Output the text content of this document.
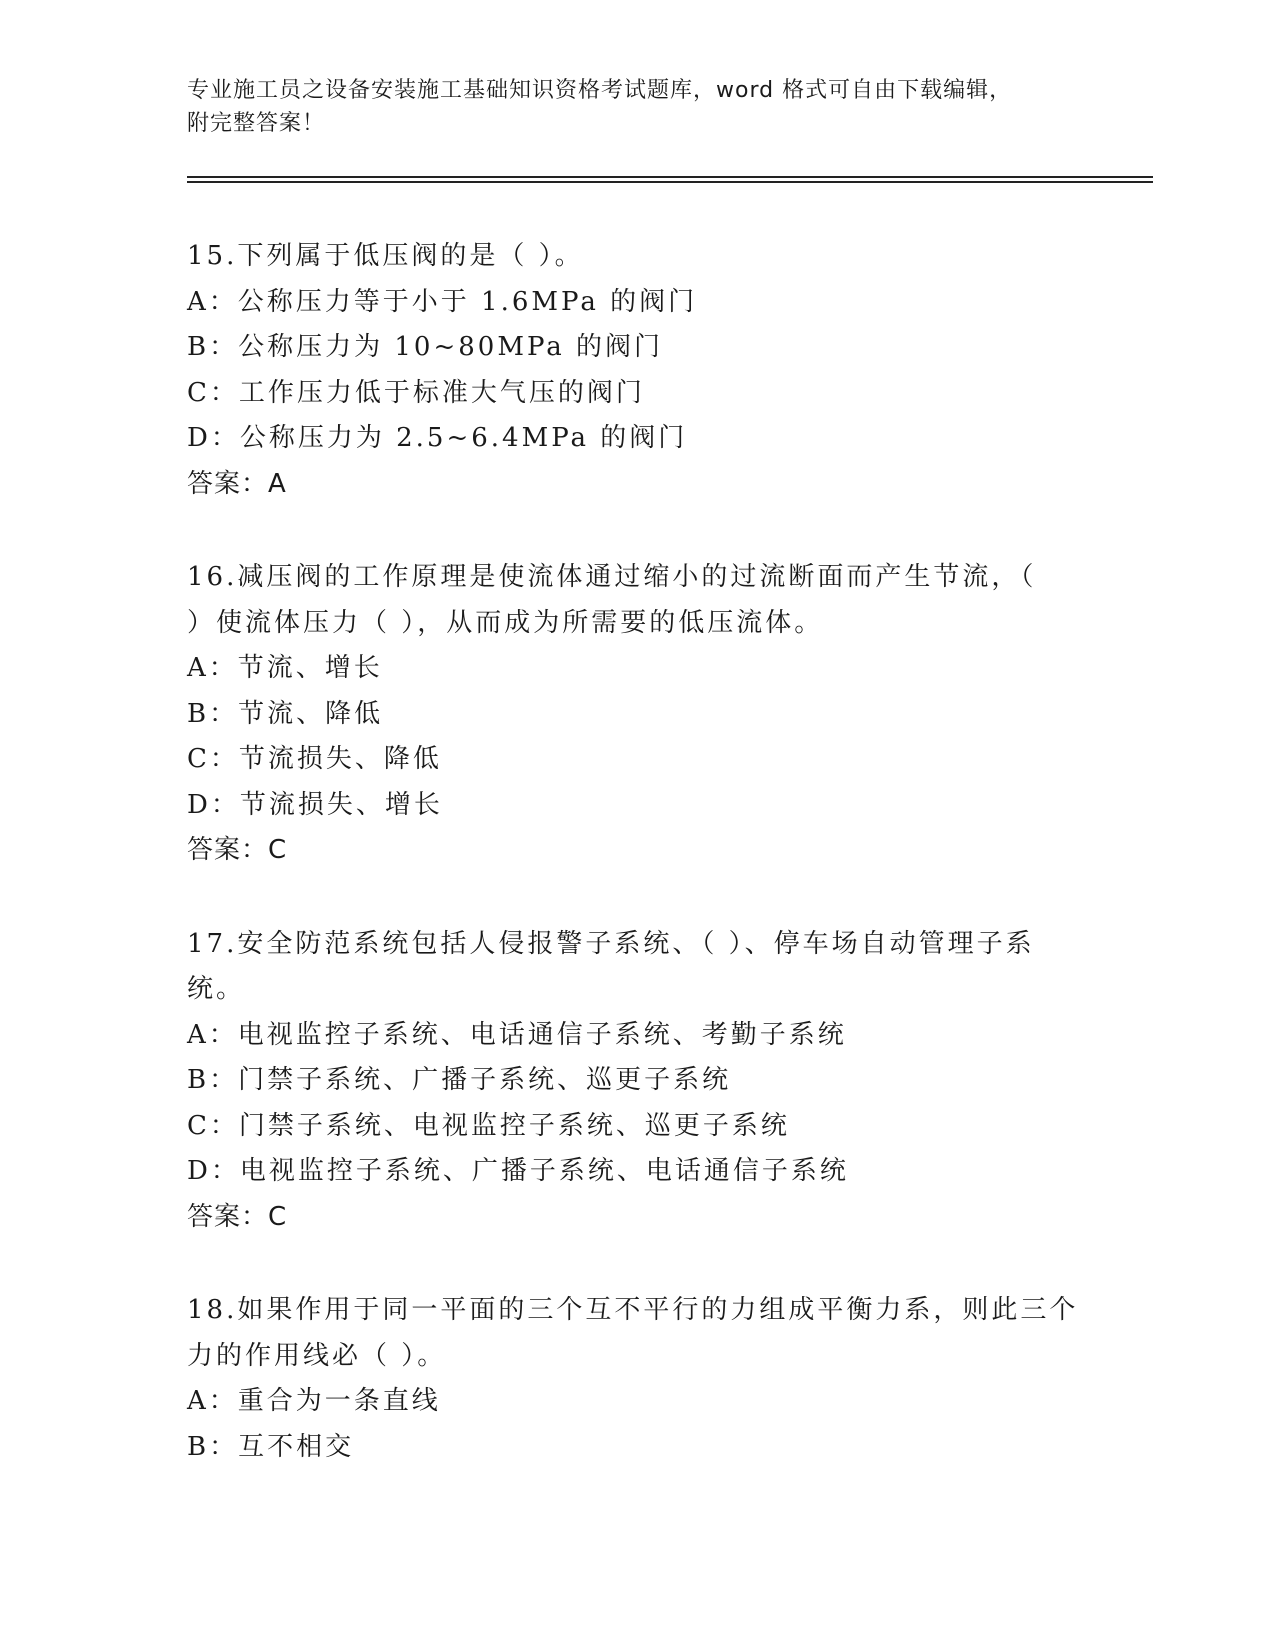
专业施工员之设备安装施工基础知识资格考试题库，word 格式可自由下载编辑，
附完整答案！
15.下列属于低压阀的是（ ）。
A：公称压力等于小于 1.6MPa 的阀门
B：公称压力为 10~80MPa 的阀门
C：工作压力低于标准大气压的阀门
D：公称压力为 2.5~6.4MPa 的阀门
答案：A
16.减压阀的工作原理是使流体通过缩小的过流断面而产生节流，（
）使流体压力（ ），从而成为所需要的低压流体。
A：节流、增长
B：节流、降低
C：节流损失、降低
D：节流损失、增长
答案：C
17.安全防范系统包括人侵报警子系统、（ ）、停车场自动管理子系
统。
A：电视监控子系统、电话通信子系统、考勤子系统
B：门禁子系统、广播子系统、巡更子系统
C：门禁子系统、电视监控子系统、巡更子系统
D：电视监控子系统、广播子系统、电话通信子系统
答案：C
18.如果作用于同一平面的三个互不平行的力组成平衡力系，则此三个
力的作用线必（ ）。
A：重合为一条直线
B：互不相交
